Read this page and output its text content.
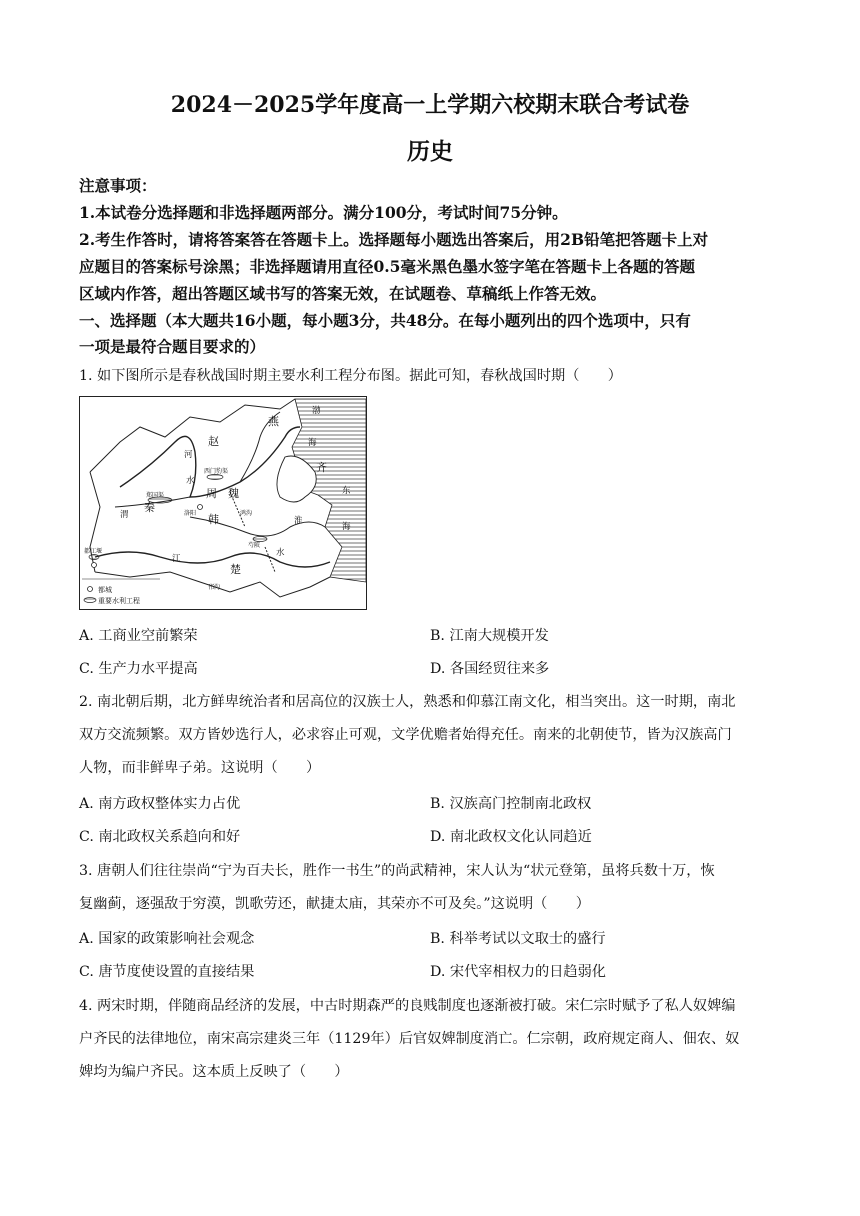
2024－2025学年度高一上学期六校期末联合考试卷
历史
注意事项：
1.本试卷分选择题和非选择题两部分。满分100分，考试时间75分钟。
2.考生作答时，请将答案答在答题卡上。选择题每小题选出答案后，用2B铅笔把答题卡上对
应题目的答案标号涂黑；非选择题请用直径0.5毫米黑色墨水签字笔在答题卡上各题的答题
区域内作答，超出答题区域书写的答案无效，在试题卷、草稿纸上作答无效。
一、选择题（本大题共16小题，每小题3分，共48分。在每小题列出的四个选项中，只有
一项是最符合题目要求的）
1. 如下图所示是春秋战国时期主要水利工程分布图。据此可知，春秋战国时期（　　）
燕
赵
齐
魏
周
秦
韩
楚
渤
海
东
海
河
水
渭
江
水
淮
西门豹渠
郑国渠
洛阳
都江堰
鸿沟
芍陂
邗沟
都城
重要水利工程
A. 工商业空前繁荣	B. 江南大规模开发
C. 生产力水平提高	D. 各国经贸往来多
2. 南北朝后期，北方鲜卑统治者和居高位的汉族士人，熟悉和仰慕江南文化，相当突出。这一时期，南北
双方交流频繁。双方皆妙选行人，必求容止可观，文学优赡者始得充任。南来的北朝使节，皆为汉族高门
人物，而非鲜卑子弟。这说明（　　）
A. 南方政权整体实力占优	B. 汉族高门控制南北政权
C. 南北政权关系趋向和好	D. 南北政权文化认同趋近
3. 唐朝人们往往崇尚“宁为百夫长，胜作一书生”的尚武精神，宋人认为“状元登第，虽将兵数十万，恢
复幽蓟，逐强敌于穷漠，凯歌劳还，献捷太庙，其荣亦不可及矣。”这说明（　　）
A. 国家的政策影响社会观念	B. 科举考试以文取士的盛行
C. 唐节度使设置的直接结果	D. 宋代宰相权力的日趋弱化
4. 两宋时期，伴随商品经济的发展，中古时期森严的良贱制度也逐渐被打破。宋仁宗时赋予了私人奴婢编
户齐民的法律地位，南宋高宗建炎三年（1129年）后官奴婢制度消亡。仁宗朝，政府规定商人、佃农、奴
婢均为编户齐民。这本质上反映了（　　）
